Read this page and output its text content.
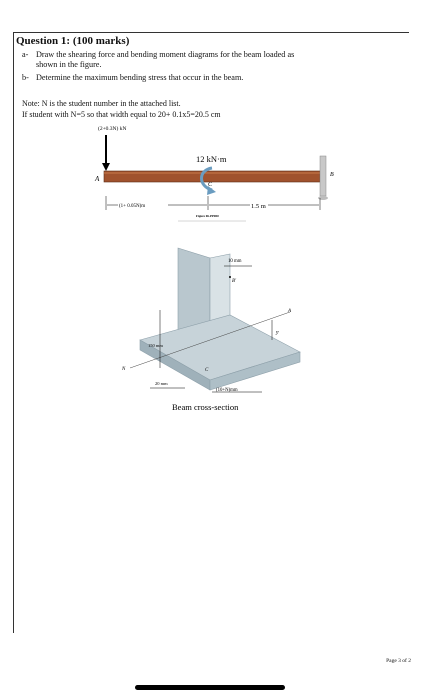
Question 1: (100 marks)

a- Draw the shearing force and bending moment diagrams for the beam loaded as

shown in the figure.

b- Determine the maximum bending stress that occur in the beam.

Note: N is the student number in the attached list.

If student with N=5 so that width equal to 20+ 0.1x5=20.5 cm

(2+0.3N) kN
12 kN·m
A	B
C
(1+ 0.05N)m	1.5 m
Figure 06-PP000
10 mm
B'
A
y̅
150 mm
20 mm
N	C
(10+N)mm
Beam cross-section
Page 3 of 2
